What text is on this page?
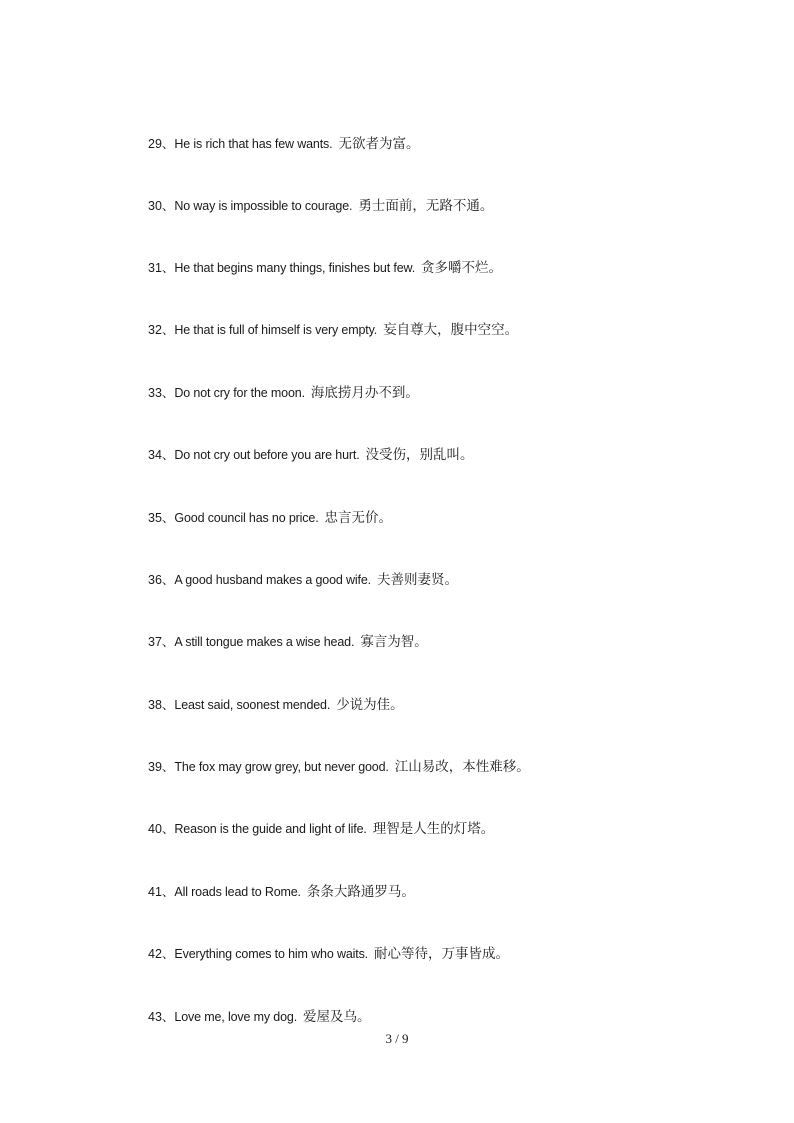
29、He is rich that has few wants. 无欲者为富。
30、No way is impossible to courage. 勇士面前，无路不通。
31、He that begins many things, finishes but few. 贪多嚼不烂。
32、He that is full of himself is very empty. 妄自尊大，腹中空空。
33、Do not cry for the moon. 海底捞月办不到。
34、Do not cry out before you are hurt. 没受伤，别乱叫。
35、Good council has no price. 忠言无价。
36、A good husband makes a good wife. 夫善则妻贤。
37、A still tongue makes a wise head. 寡言为智。
38、Least said, soonest mended. 少说为佳。
39、The fox may grow grey, but never good. 江山易改，本性难移。
40、Reason is the guide and light of life. 理智是人生的灯塔。
41、All roads lead to Rome. 条条大路通罗马。
42、Everything comes to him who waits. 耐心等待，万事皆成。
43、Love me, love my dog. 爱屋及乌。
3 / 9
